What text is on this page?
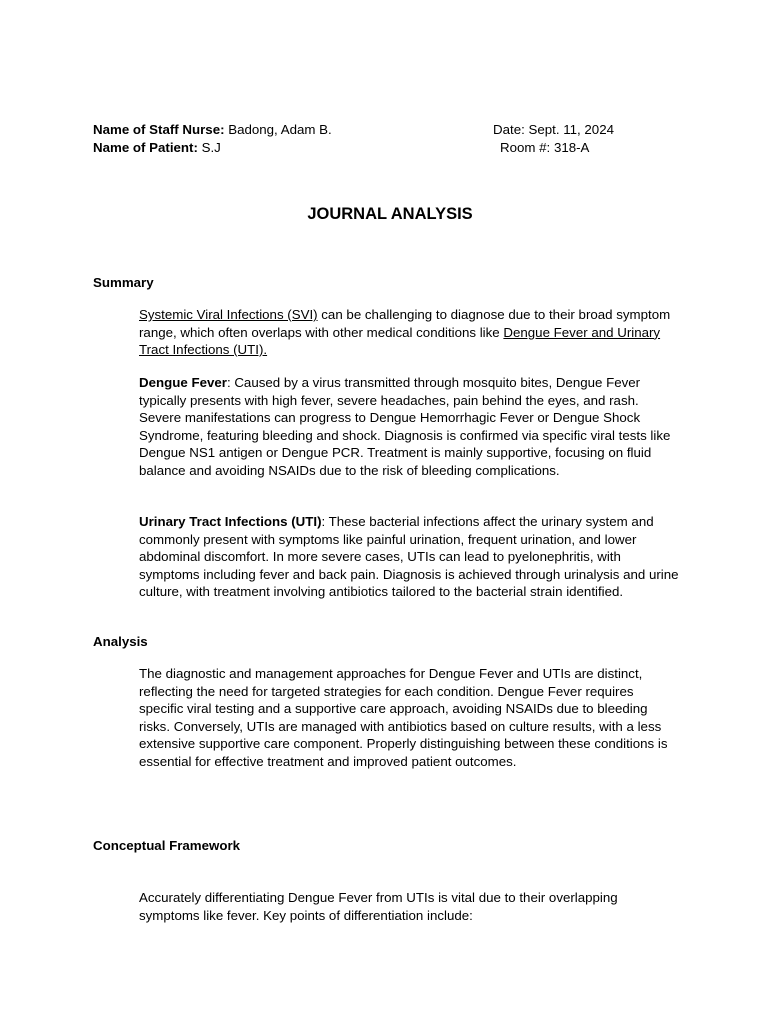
Name of Staff Nurse: Badong, Adam B.	Date: Sept. 11, 2024
Name of Patient: S.J	Room #: 318-A
JOURNAL ANALYSIS
Summary
Systemic Viral Infections (SVI) can be challenging to diagnose due to their broad symptom range, which often overlaps with other medical conditions like Dengue Fever and Urinary Tract Infections (UTI).
Dengue Fever: Caused by a virus transmitted through mosquito bites, Dengue Fever typically presents with high fever, severe headaches, pain behind the eyes, and rash. Severe manifestations can progress to Dengue Hemorrhagic Fever or Dengue Shock Syndrome, featuring bleeding and shock. Diagnosis is confirmed via specific viral tests like Dengue NS1 antigen or Dengue PCR. Treatment is mainly supportive, focusing on fluid balance and avoiding NSAIDs due to the risk of bleeding complications.
Urinary Tract Infections (UTI): These bacterial infections affect the urinary system and commonly present with symptoms like painful urination, frequent urination, and lower abdominal discomfort. In more severe cases, UTIs can lead to pyelonephritis, with symptoms including fever and back pain. Diagnosis is achieved through urinalysis and urine culture, with treatment involving antibiotics tailored to the bacterial strain identified.
Analysis
The diagnostic and management approaches for Dengue Fever and UTIs are distinct, reflecting the need for targeted strategies for each condition. Dengue Fever requires specific viral testing and a supportive care approach, avoiding NSAIDs due to bleeding risks. Conversely, UTIs are managed with antibiotics based on culture results, with a less extensive supportive care component. Properly distinguishing between these conditions is essential for effective treatment and improved patient outcomes.
Conceptual Framework
Accurately differentiating Dengue Fever from UTIs is vital due to their overlapping symptoms like fever. Key points of differentiation include:
